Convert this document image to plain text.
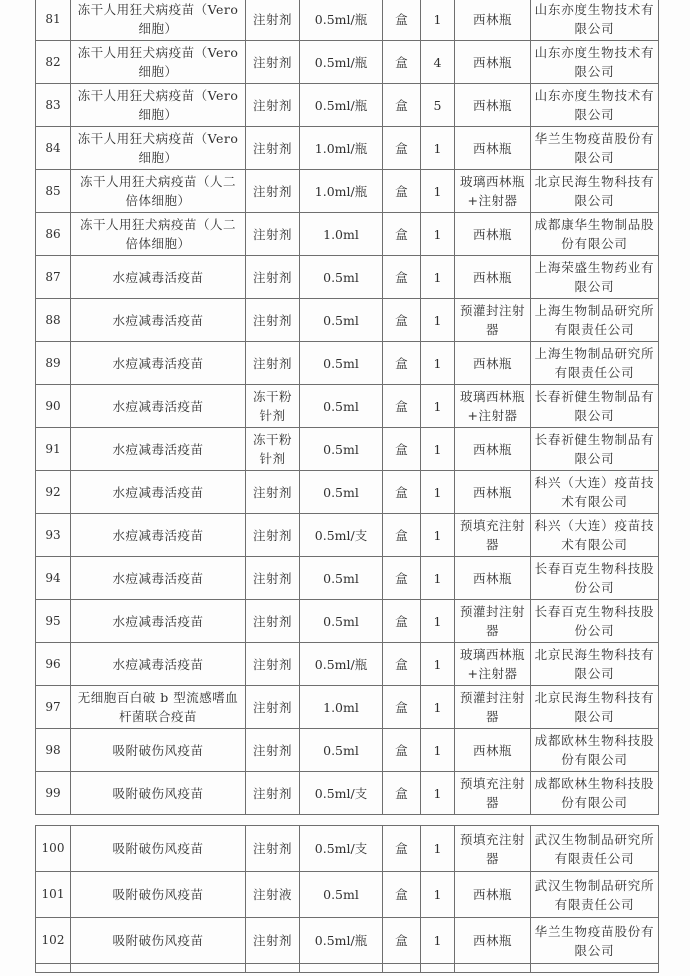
81	冻干人用狂犬病疫苗（Vero 细胞）	注射剂	0.5ml/瓶	盒	1	西林瓶	山东亦度生物技术有限公司
82	冻干人用狂犬病疫苗（Vero 细胞）	注射剂	0.5ml/瓶	盒	4	西林瓶	山东亦度生物技术有限公司
83	冻干人用狂犬病疫苗（Vero 细胞）	注射剂	0.5ml/瓶	盒	5	西林瓶	山东亦度生物技术有限公司
84	冻干人用狂犬病疫苗（Vero 细胞）	注射剂	1.0ml/瓶	盒	1	西林瓶	华兰生物疫苗股份有限公司
85	冻干人用狂犬病疫苗（人二倍体细胞）	注射剂	1.0ml/瓶	盒	1	玻璃西林瓶+注射器	北京民海生物科技有限公司
86	冻干人用狂犬病疫苗（人二倍体细胞）	注射剂	1.0ml	盒	1	西林瓶	成都康华生物制品股份有限公司
87	水痘减毒活疫苗	注射剂	0.5ml	盒	1	西林瓶	上海荣盛生物药业有限公司
88	水痘减毒活疫苗	注射剂	0.5ml	盒	1	预灌封注射器	上海生物制品研究所有限责任公司
89	水痘减毒活疫苗	注射剂	0.5ml	盒	1	西林瓶	上海生物制品研究所有限责任公司
90	水痘减毒活疫苗	冻干粉针剂	0.5ml	盒	1	玻璃西林瓶+注射器	长春祈健生物制品有限公司
91	水痘减毒活疫苗	冻干粉针剂	0.5ml	盒	1	西林瓶	长春祈健生物制品有限公司
92	水痘减毒活疫苗	注射剂	0.5ml	盒	1	西林瓶	科兴（大连）疫苗技术有限公司
93	水痘减毒活疫苗	注射剂	0.5ml/支	盒	1	预填充注射器	科兴（大连）疫苗技术有限公司
94	水痘减毒活疫苗	注射剂	0.5ml	盒	1	西林瓶	长春百克生物科技股份公司
95	水痘减毒活疫苗	注射剂	0.5ml	盒	1	预灌封注射器	长春百克生物科技股份公司
96	水痘减毒活疫苗	注射剂	0.5ml/瓶	盒	1	玻璃西林瓶+注射器	北京民海生物科技有限公司
97	无细胞百白破 b 型流感嗜血杆菌联合疫苗	注射剂	1.0ml	盒	1	预灌封注射器	北京民海生物科技有限公司
98	吸附破伤风疫苗	注射剂	0.5ml	盒	1	西林瓶	成都欧林生物科技股份有限公司
99	吸附破伤风疫苗	注射剂	0.5ml/支	盒	1	预填充注射器	成都欧林生物科技股份有限公司
100	吸附破伤风疫苗	注射剂	0.5ml/支	盒	1	预填充注射器	武汉生物制品研究所有限责任公司
101	吸附破伤风疫苗	注射液	0.5ml	盒	1	西林瓶	武汉生物制品研究所有限责任公司
102	吸附破伤风疫苗	注射剂	0.5ml/瓶	盒	1	西林瓶	华兰生物疫苗股份有限公司
